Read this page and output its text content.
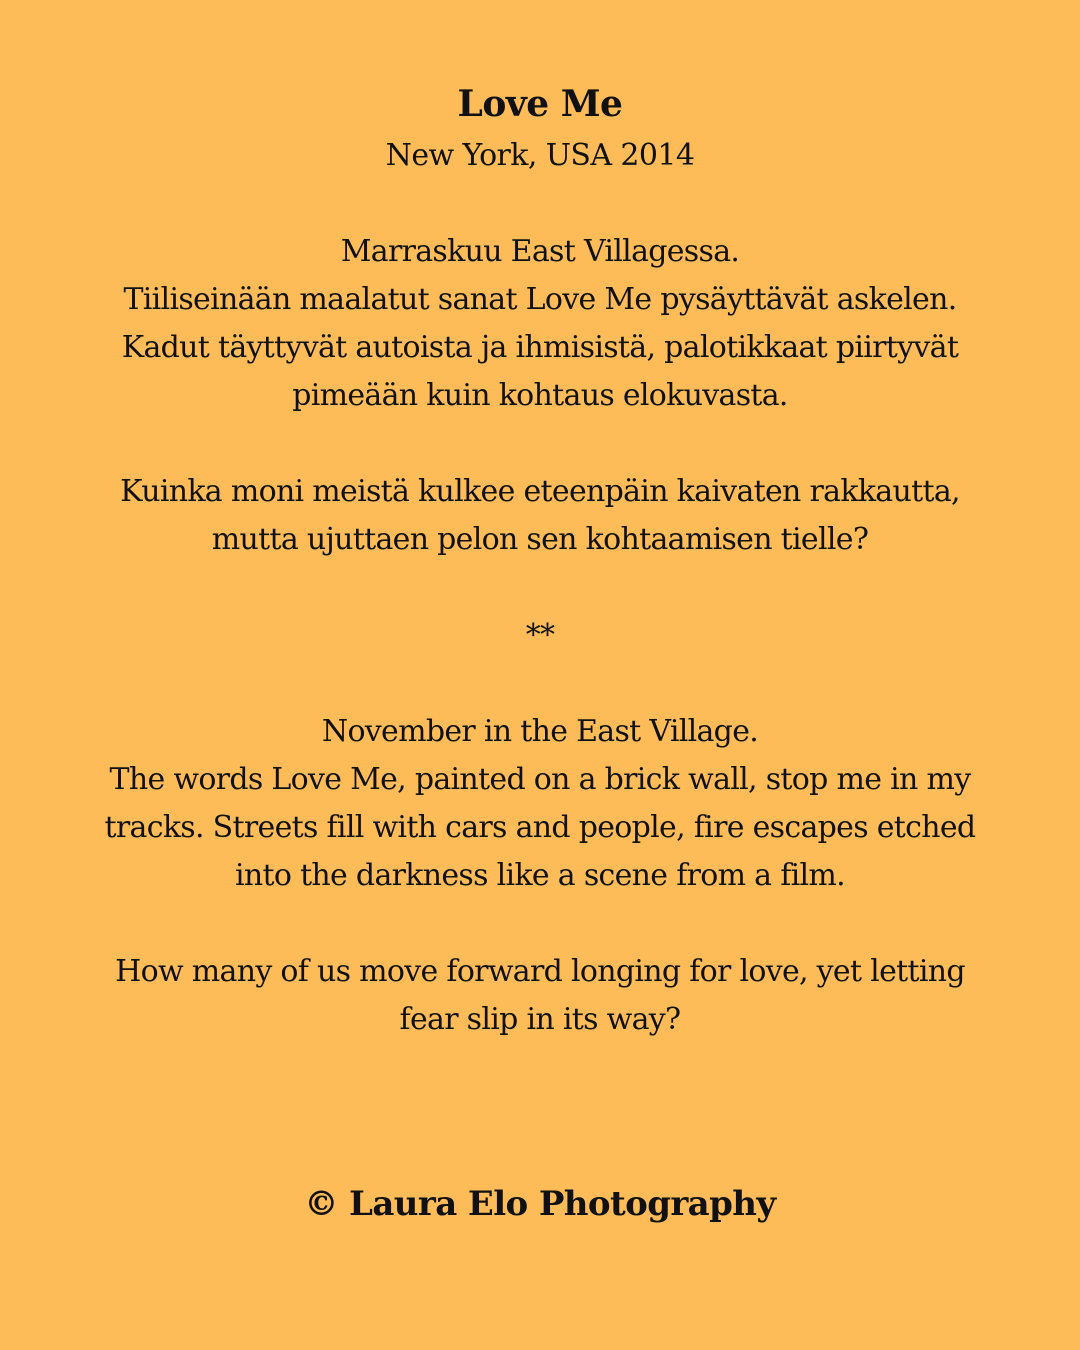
Love Me
New York, USA 2014
Marraskuu East Villagessa.
Tiiliseinään maalatut sanat Love Me pysäyttävät askelen.
Kadut täyttyvät autoista ja ihmisistä, palotikkaat piirtyvät
pimeään kuin kohtaus elokuvasta.
Kuinka moni meistä kulkee eteenpäin kaivaten rakkautta,
mutta ujuttaen pelon sen kohtaamisen tielle?
**
November in the East Village.
The words Love Me, painted on a brick wall, stop me in my
tracks. Streets fill with cars and people, fire escapes etched
into the darkness like a scene from a film.
How many of us move forward longing for love, yet letting
fear slip in its way?
© Laura Elo Photography
